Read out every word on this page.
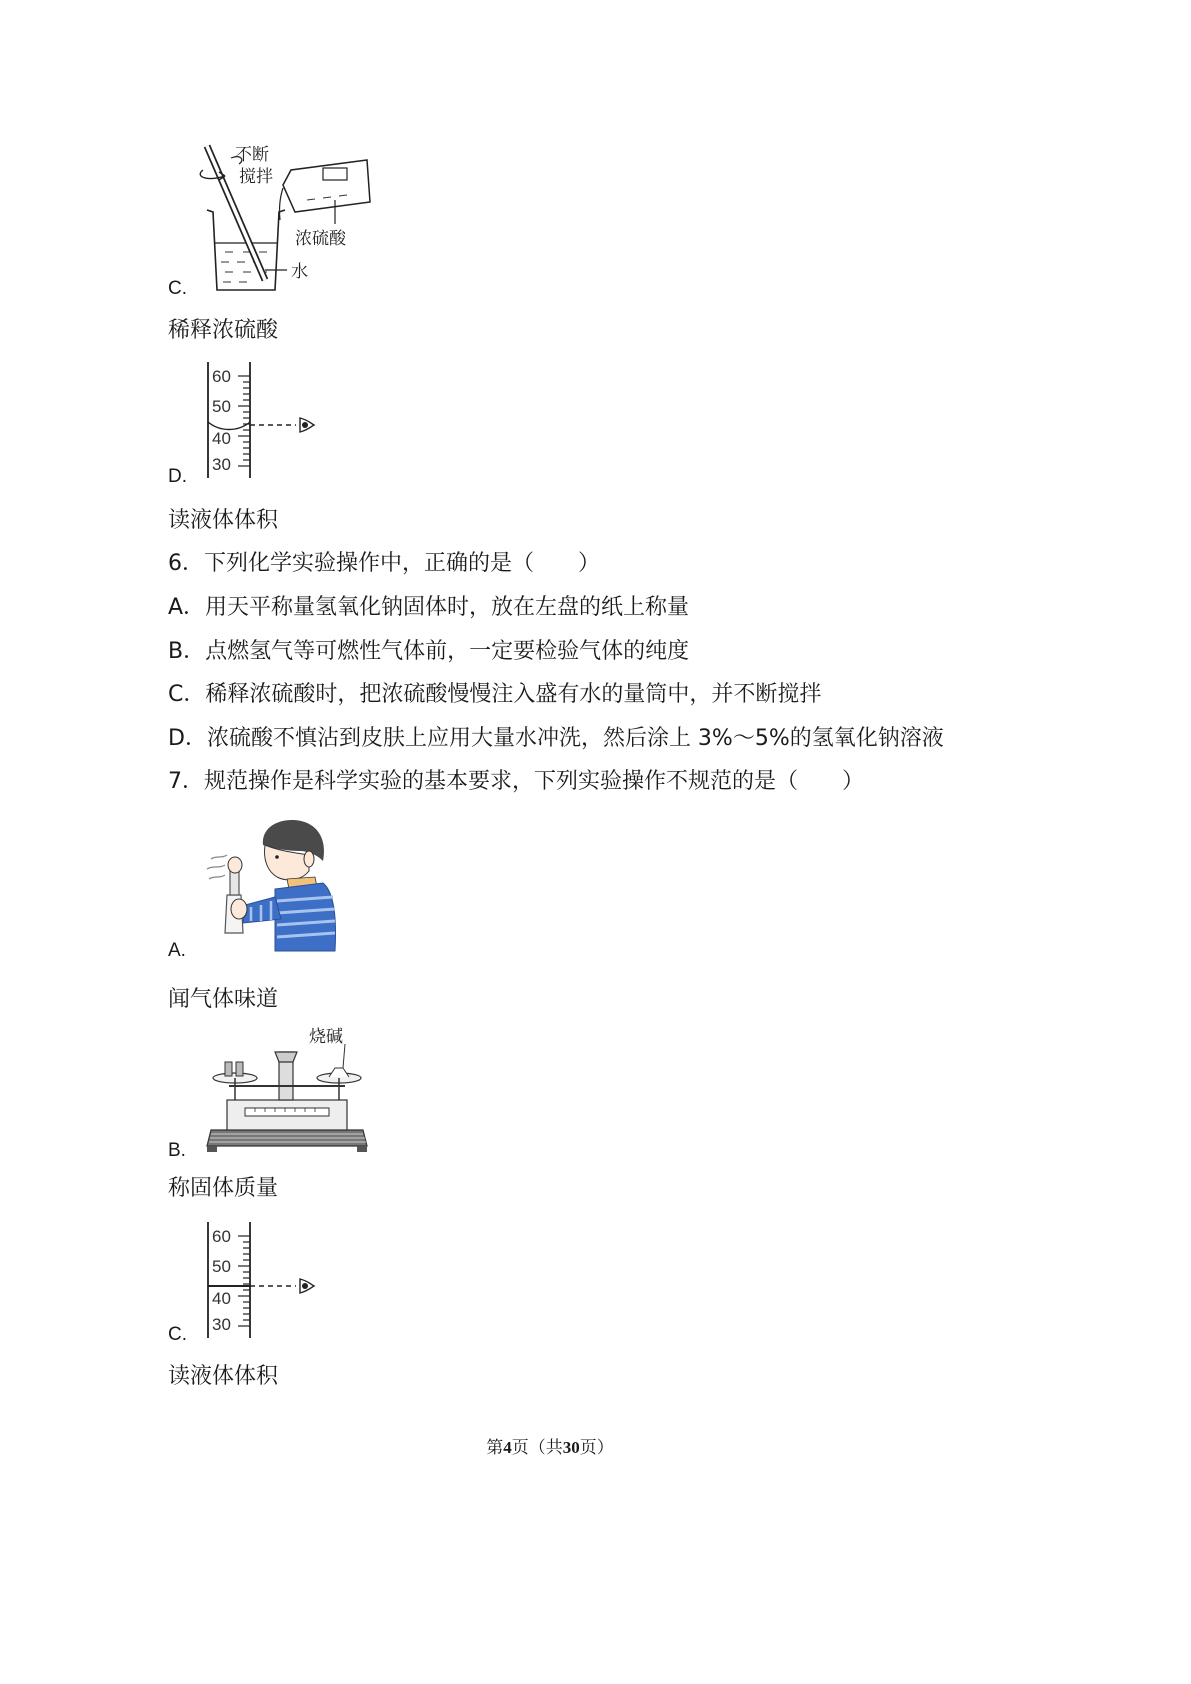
不断
搅拌
浓硫酸
水
C.
稀释浓硫酸
60
50
40
30
D.
读液体体积
6．下列化学实验操作中，正确的是（　　）
A．用天平称量氢氧化钠固体时，放在左盘的纸上称量
B．点燃氢气等可燃性气体前，一定要检验气体的纯度
C．稀释浓硫酸时，把浓硫酸慢慢注入盛有水的量筒中，并不断搅拌
D．浓硫酸不慎沾到皮肤上应用大量水冲洗，然后涂上 3%～5%的氢氧化钠溶液
7．规范操作是科学实验的基本要求，下列实验操作不规范的是（　　）
A.
闻气体味道
烧碱
B.
称固体质量
60
50
40
30
C.
读液体体积
第4页（共30页）
